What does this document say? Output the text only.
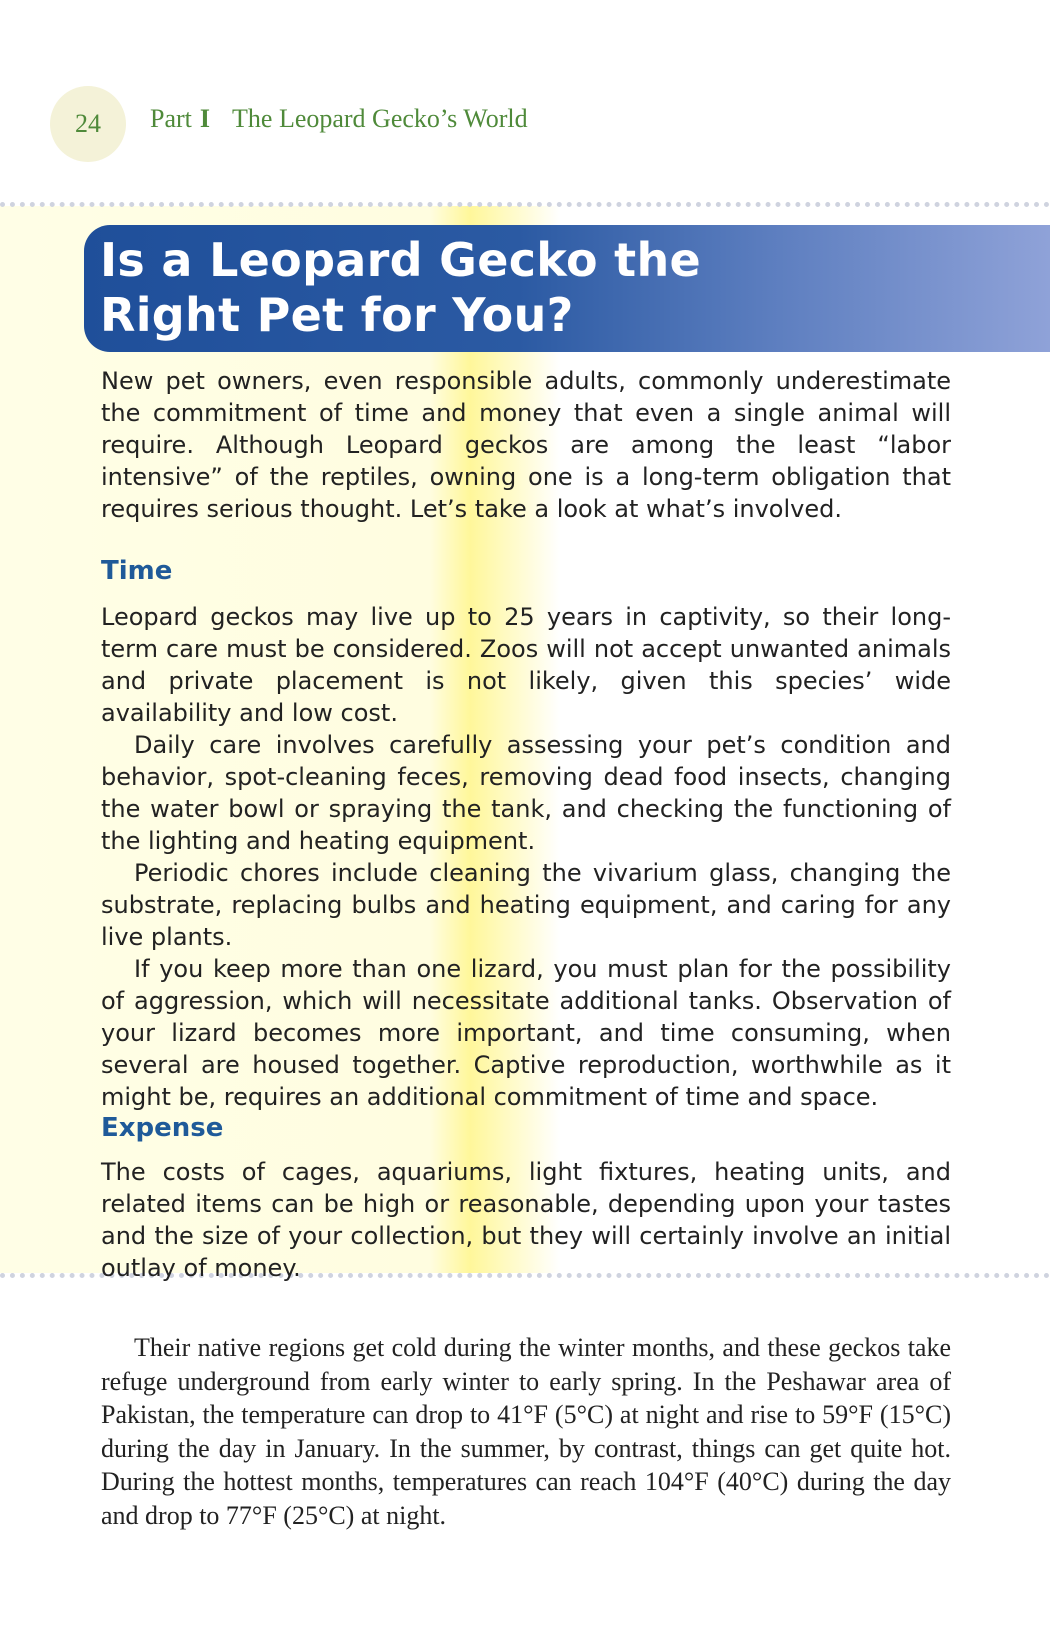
24 Part I The Leopard Gecko’s World
Is a Leopard Gecko the
Right Pet for You?

New pet owners, even responsible adults, commonly underestimate the commitment of time and money that even a single animal will require. Although Leopard geckos are among the least “labor intensive” of the reptiles, owning one is a long-term obligation that requires serious thought. Let’s take a look at what’s involved.

Time

Leopard geckos may live up to 25 years in captivity, so their long-term care must be considered. Zoos will not accept unwanted animals and private placement is not likely, given this species’ wide availability and low cost.

Daily care involves carefully assessing your pet’s condition and behavior, spot-cleaning feces, removing dead food insects, changing the water bowl or spraying the tank, and checking the functioning of the lighting and heating equipment.

Periodic chores include cleaning the vivarium glass, changing the substrate, replacing bulbs and heating equipment, and caring for any live plants.

If you keep more than one lizard, you must plan for the possibility of aggression, which will necessitate additional tanks. Observation of your lizard becomes more important, and time consuming, when several are housed together. Captive reproduction, worthwhile as it might be, requires an additional commitment of time and space.

Expense

The costs of cages, aquariums, light fixtures, heating units, and related items can be high or reasonable, depending upon your tastes and the size of your collection, but they will certainly involve an initial outlay of money.

Their native regions get cold during the winter months, and these geckos take refuge underground from early winter to early spring. In the Peshawar area of Pakistan, the temperature can drop to 41°F (5°C) at night and rise to 59°F (15°C) during the day in January. In the summer, by contrast, things can get quite hot. During the hottest months, temperatures can reach 104°F (40°C) during the day and drop to 77°F (25°C) at night.
